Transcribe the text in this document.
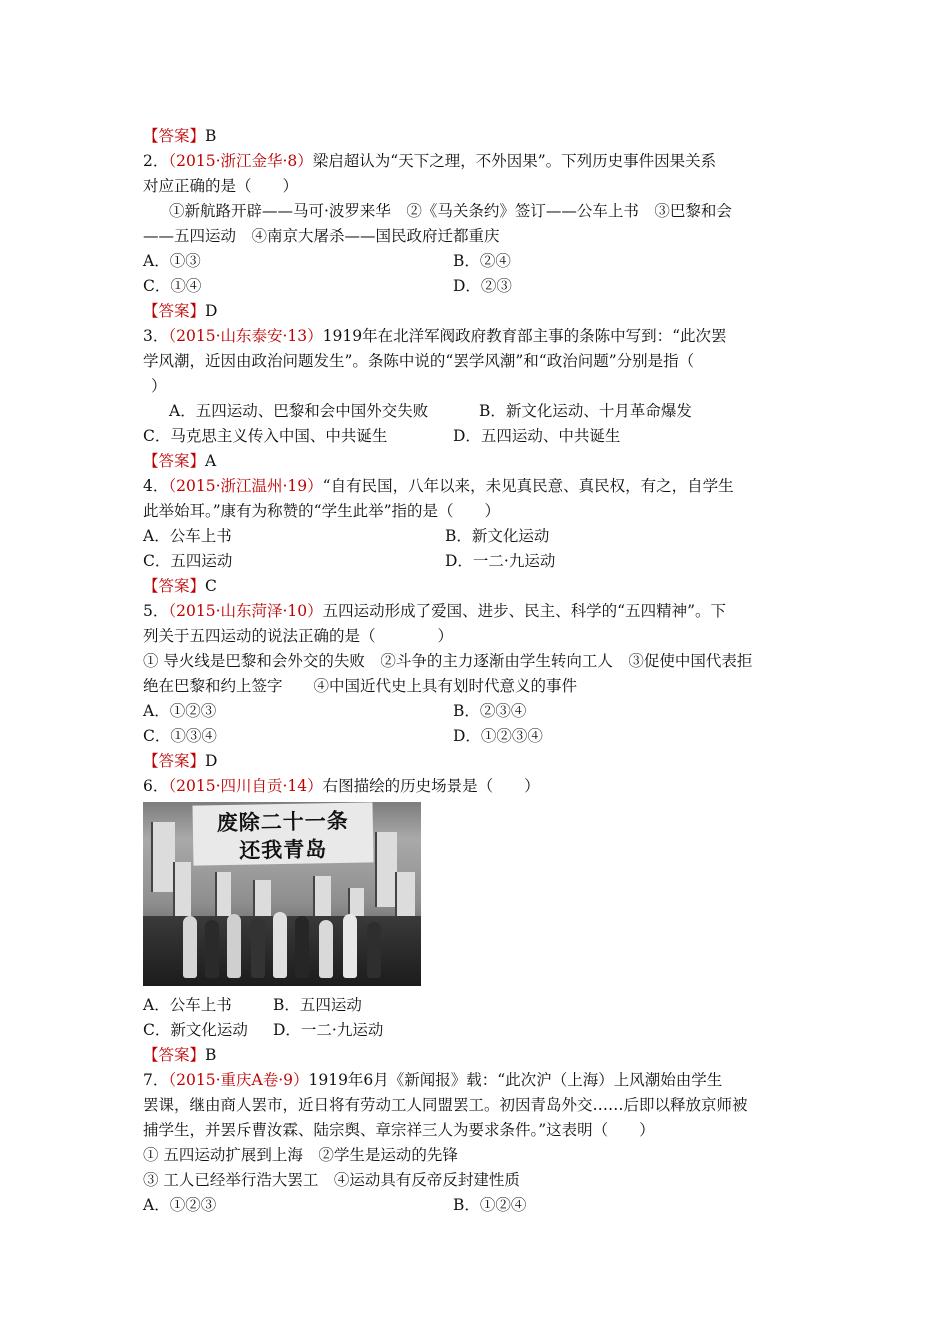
【答案】B
2．（2015·浙江金华·8）梁启超认为“天下之理，不外因果”。下列历史事件因果关系
对应正确的是（　　）
①新航路开辟——马可·波罗来华　②《马关条约》签订——公车上书　③巴黎和会
——五四运动　④南京大屠杀——国民政府迁都重庆
A．①③	B．②④
C．①④	D．②③
【答案】D
3．（2015·山东泰安·13）1919年在北洋军阀政府教育部主事的条陈中写到：“此次罢
学风潮，近因由政治问题发生”。条陈中说的“罢学风潮”和“政治问题”分别是指（
）
A．五四运动、巴黎和会中国外交失败	B．新文化运动、十月革命爆发
C．马克思主义传入中国、中共诞生	D．五四运动、中共诞生
【答案】A
4．（2015·浙江温州·19）“自有民国，八年以来，未见真民意、真民权，有之，自学生
此举始耳。”康有为称赞的“学生此举”指的是（　　）
A．公车上书	B．新文化运动
C．五四运动	D．一二·九运动
【答案】C
5．（2015·山东菏泽·10）五四运动形成了爱国、进步、民主、科学的“五四精神”。下
列关于五四运动的说法正确的是（　　　　）
① 导火线是巴黎和会外交的失败　②斗争的主力逐渐由学生转向工人　③促使中国代表拒
绝在巴黎和约上签字　　④中国近代史上具有划时代意义的事件
A．①②③	B．②③④
C．①③④	D．①②③④
【答案】D
6．（2015·四川自贡·14）右图描绘的历史场景是（　　）
废除二十一条
还我青岛
A．公车上书	B．五四运动
C．新文化运动	D．一二·九运动
【答案】B
7．（2015·重庆A卷·9）1919年6月《新闻报》载：“此次沪（上海）上风潮始由学生
罢课，继由商人罢市，近日将有劳动工人同盟罢工。初因青岛外交……后即以释放京师被
捕学生，并罢斥曹汝霖、陆宗舆、章宗祥三人为要求条件。”这表明（　　）
① 五四运动扩展到上海　②学生是运动的先锋
③ 工人已经举行浩大罢工　④运动具有反帝反封建性质
A．①②③	B．①②④
